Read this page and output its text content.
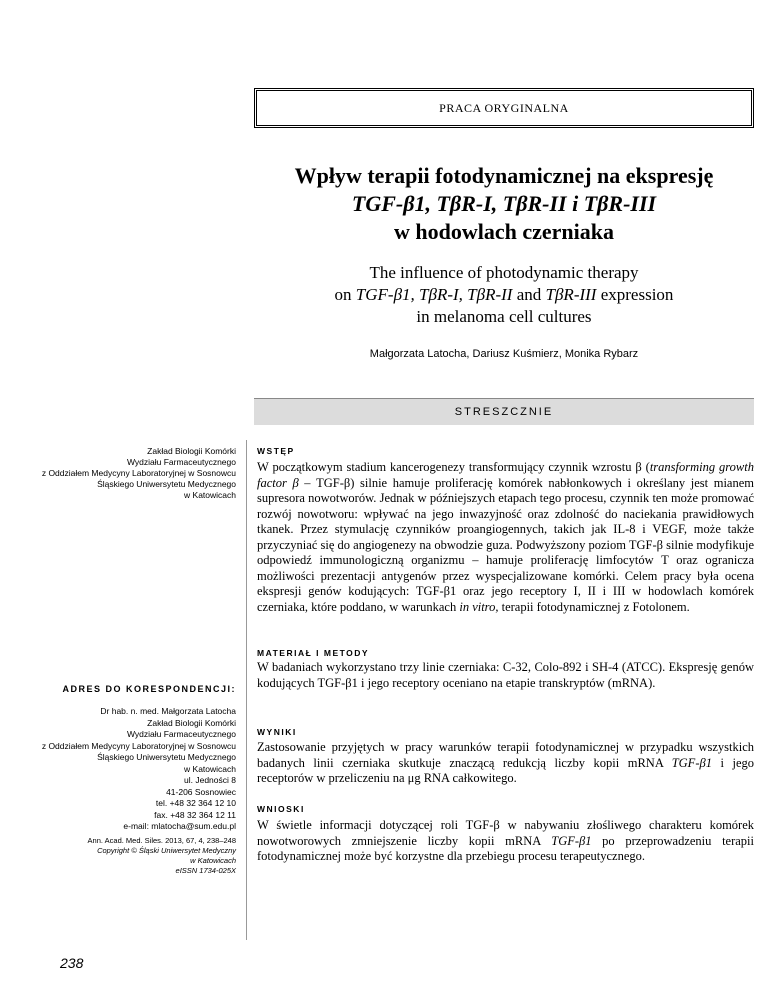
PRACA ORYGINALNA
Wpływ terapii fotodynamicznej na ekspresję
TGF-β1, TβR-I, TβR-II i TβR-III
w hodowlach czerniaka
The influence of photodynamic therapy
on TGF-β1, TβR-I, TβR-II and TβR-III expression
in melanoma cell cultures
Małgorzata Latocha, Dariusz Kuśmierz, Monika Rybarz
STRESZCZNIE
Zakład Biologii Komórki
Wydziału Farmaceutycznego
z Oddziałem Medycyny Laboratoryjnej w Sosnowcu
Śląskiego Uniwersytetu Medycznego
w Katowicach
ADRES DO KORESPONDENCJI:
Dr hab. n. med. Małgorzata Latocha
Zakład Biologii Komórki
Wydziału Farmaceutycznego
z Oddziałem Medycyny Laboratoryjnej w Sosnowcu
Śląskiego Uniwersytetu Medycznego
w Katowicach
ul. Jedności 8
41-206 Sosnowiec
tel. +48 32 364 12 10
fax. +48 32 364 12 11
e-mail: mlatocha@sum.edu.pl
Ann. Acad. Med. Siles. 2013, 67, 4, 238–248
Copyright © Śląski Uniwersytet Medyczny
w Katowicach
eISSN 1734-025X
WSTĘP
W początkowym stadium kancerogenezy transformujący czynnik wzrostu β (transforming growth factor β – TGF-β) silnie hamuje proliferację komórek nabłonkowych i określany jest mianem supresora nowotworów. Jednak w późniejszych etapach tego procesu, czynnik ten może promować rozwój nowotworu: wpływać na jego inwazyjność oraz zdolność do naciekania prawidłowych tkanek. Przez stymulację czynników proangiogennych, takich jak IL-8 i VEGF, może także przyczyniać się do angiogenezy na obwodzie guza. Podwyższony poziom TGF-β silnie modyfikuje odpowiedź immunologiczną organizmu – hamuje proliferację limfocytów T oraz ogranicza możliwości prezentacji antygenów przez wyspecjalizowane komórki. Celem pracy była ocena ekspresji genów kodujących: TGF-β1 oraz jego receptory I, II i III w hodowlach komórek czerniaka, które poddano, w warunkach in vitro, terapii fotodynamicznej z Fotolonem.
MATERIAŁ I METODY
W badaniach wykorzystano trzy linie czerniaka: C-32, Colo-892 i SH-4 (ATCC). Ekspresję genów kodujących TGF-β1 i jego receptory oceniano na etapie transkryptów (mRNA).
WYNIKI
Zastosowanie przyjętych w pracy warunków terapii fotodynamicznej w przypadku wszystkich badanych linii czerniaka skutkuje znaczącą redukcją liczby kopii mRNA TGF-β1 i jego receptorów w przeliczeniu na μg RNA całkowitego.
WNIOSKI
W świetle informacji dotyczącej roli TGF-β w nabywaniu złośliwego charakteru komórek nowotworowych zmniejszenie liczby kopii mRNA TGF-β1 po przeprowadzeniu terapii fotodynamicznej może być korzystne dla przebiegu procesu terapeutycznego.
238
